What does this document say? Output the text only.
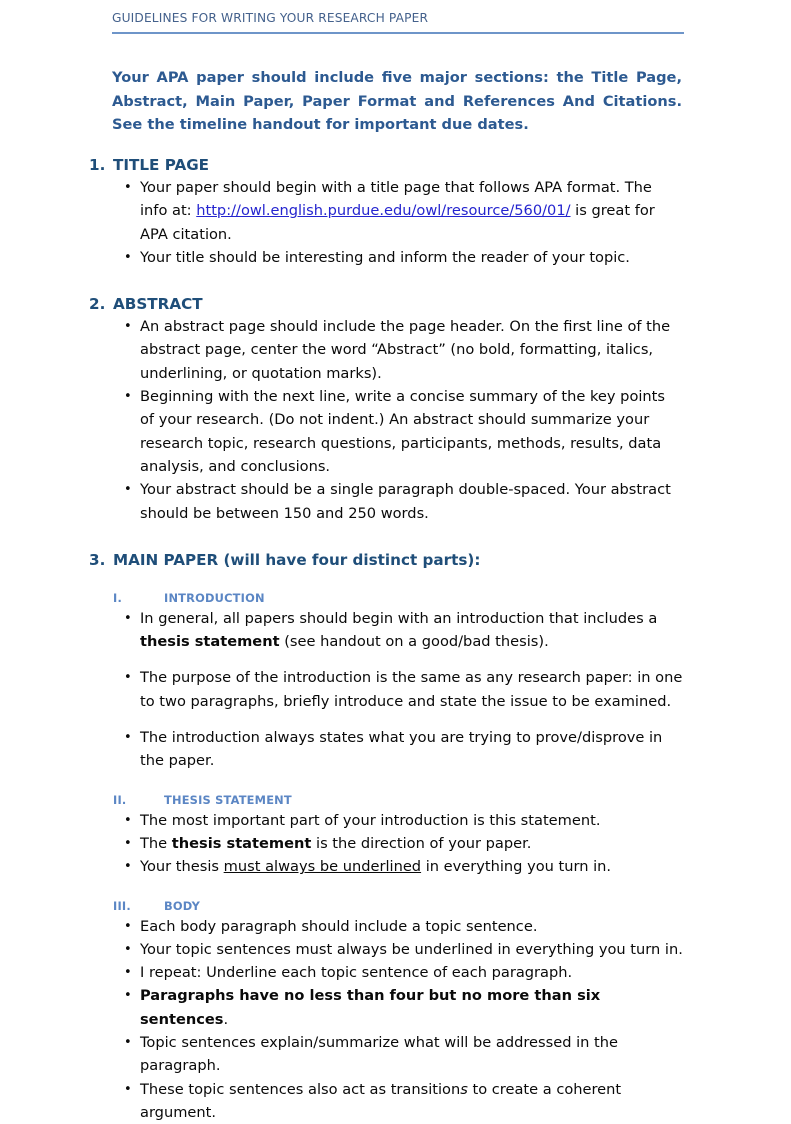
GUIDELINES FOR WRITING YOUR RESEARCH PAPER
Your APA paper should include five major sections: the Title Page, Abstract, Main Paper, Paper Format and References And Citations. See the timeline handout for important due dates.
1. TITLE PAGE
• Your paper should begin with a title page that follows APA format. The info at: http://owl.english.purdue.edu/owl/resource/560/01/ is great for APA citation.
• Your title should be interesting and inform the reader of your topic.
2. ABSTRACT
• An abstract page should include the page header. On the first line of the abstract page, center the word “Abstract” (no bold, formatting, italics, underlining, or quotation marks).
• Beginning with the next line, write a concise summary of the key points of your research. (Do not indent.) An abstract should summarize your research topic, research questions, participants, methods, results, data analysis, and conclusions.
• Your abstract should be a single paragraph double-spaced. Your abstract should be between 150 and 250 words.
3. MAIN PAPER (will have four distinct parts):
I.	INTRODUCTION
• In general, all papers should begin with an introduction that includes a thesis statement (see handout on a good/bad thesis).
• The purpose of the introduction is the same as any research paper: in one to two paragraphs, briefly introduce and state the issue to be examined.
• The introduction always states what you are trying to prove/disprove in the paper.
II.	THESIS STATEMENT
• The most important part of your introduction is this statement.
• The thesis statement is the direction of your paper.
• Your thesis must always be underlined in everything you turn in.
III.	BODY
• Each body paragraph should include a topic sentence.
• Your topic sentences must always be underlined in everything you turn in.
• I repeat: Underline each topic sentence of each paragraph.
• Paragraphs have no less than four but no more than six sentences.
• Topic sentences explain/summarize what will be addressed in the paragraph.
• These topic sentences also act as transitions to create a coherent argument.
